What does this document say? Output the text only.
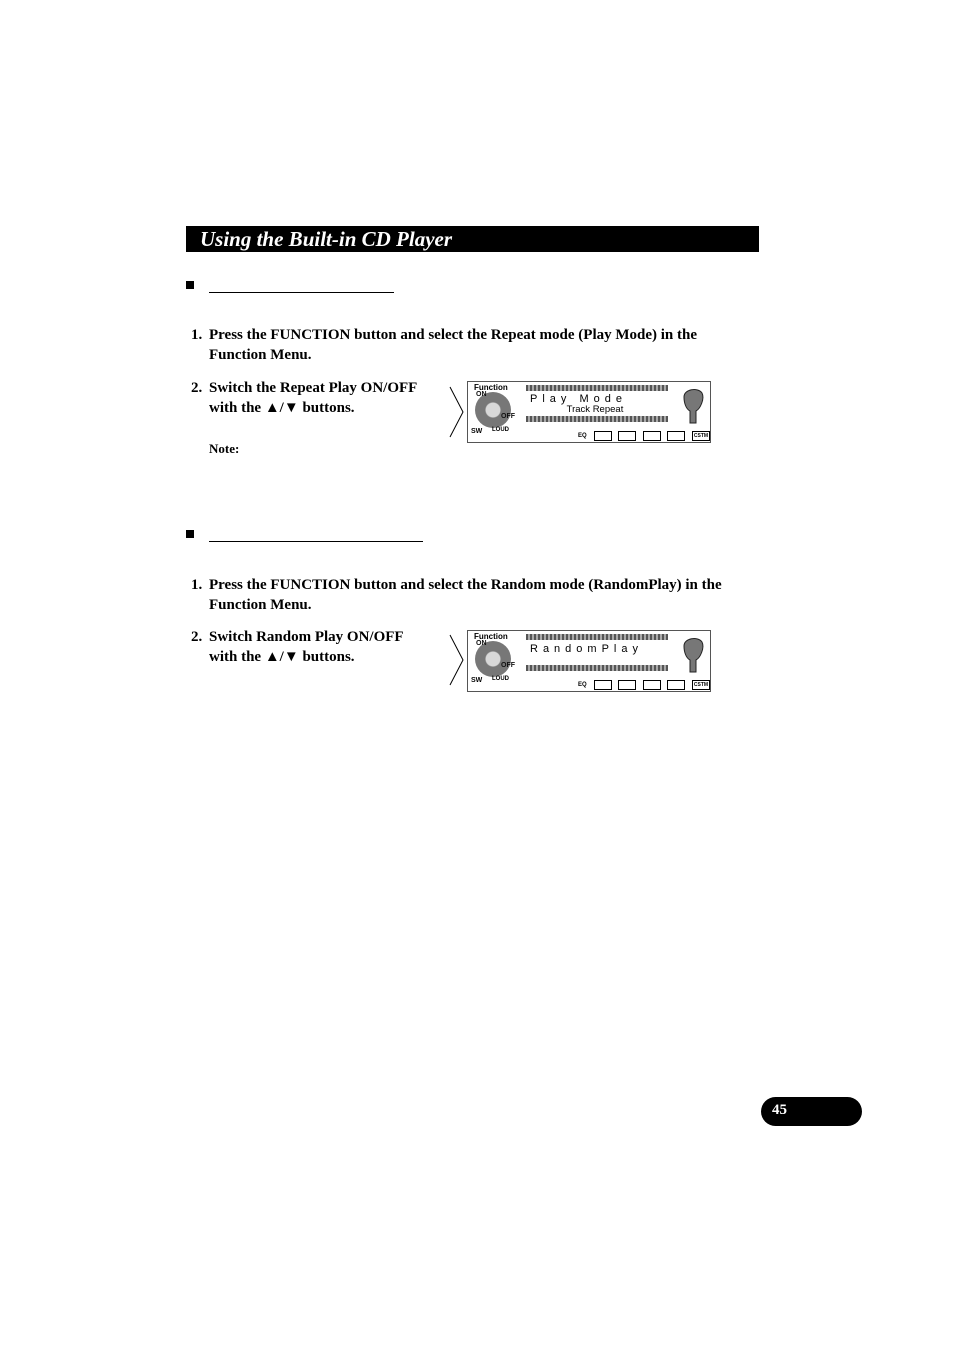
Using the Built-in CD Player
1. Press the FUNCTION button and select the Repeat mode (Play Mode) in the
Function Menu.
2. Switch the Repeat Play ON/OFF
with the ▲/▼ buttons.
Note:
Function
ON
OFF
Play Mode
Track Repeat
SW LOUD
EQ	CSTM
1. Press the FUNCTION button and select the Random mode (RandomPlay) in the
Function Menu.
2. Switch Random Play ON/OFF
with the ▲/▼ buttons.
Function
ON
OFF
RandomPlay
SW LOUD
EQ	CSTM
45
